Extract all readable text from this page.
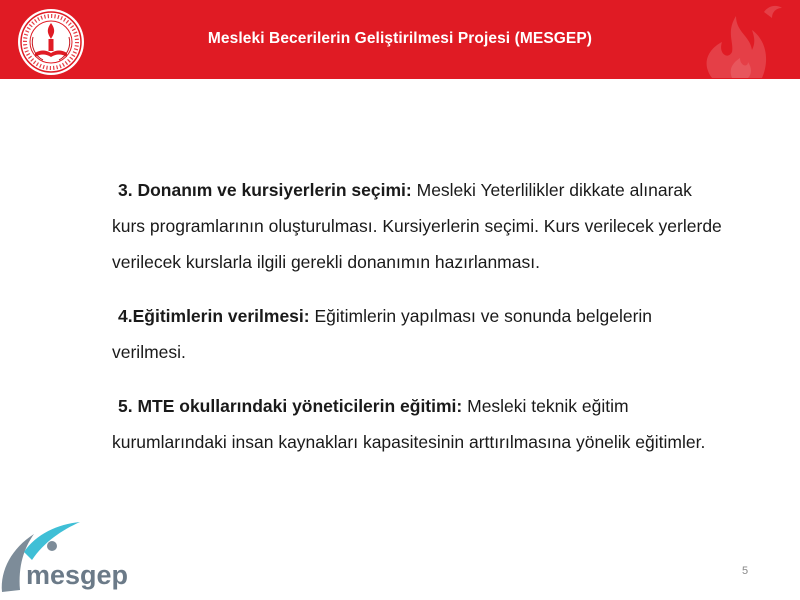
Mesleki Becerilerin Geliştirilmesi Projesi (MESGEP)

3. Donanım ve kursiyerlerin seçimi: Mesleki Yeterlilikler dikkate alınarak kurs programlarının oluşturulması. Kursiyerlerin seçimi. Kurs verilecek yerlerde verilecek kurslarla ilgili gerekli donanımın hazırlanması.

4.Eğitimlerin verilmesi: Eğitimlerin yapılması ve sonunda belgelerin verilmesi.

5. MTE okullarındaki yöneticilerin eğitimi: Mesleki teknik eğitim kurumlarındaki insan kaynakları kapasitesinin arttırılmasına yönelik eğitimler.

mesgep	5
